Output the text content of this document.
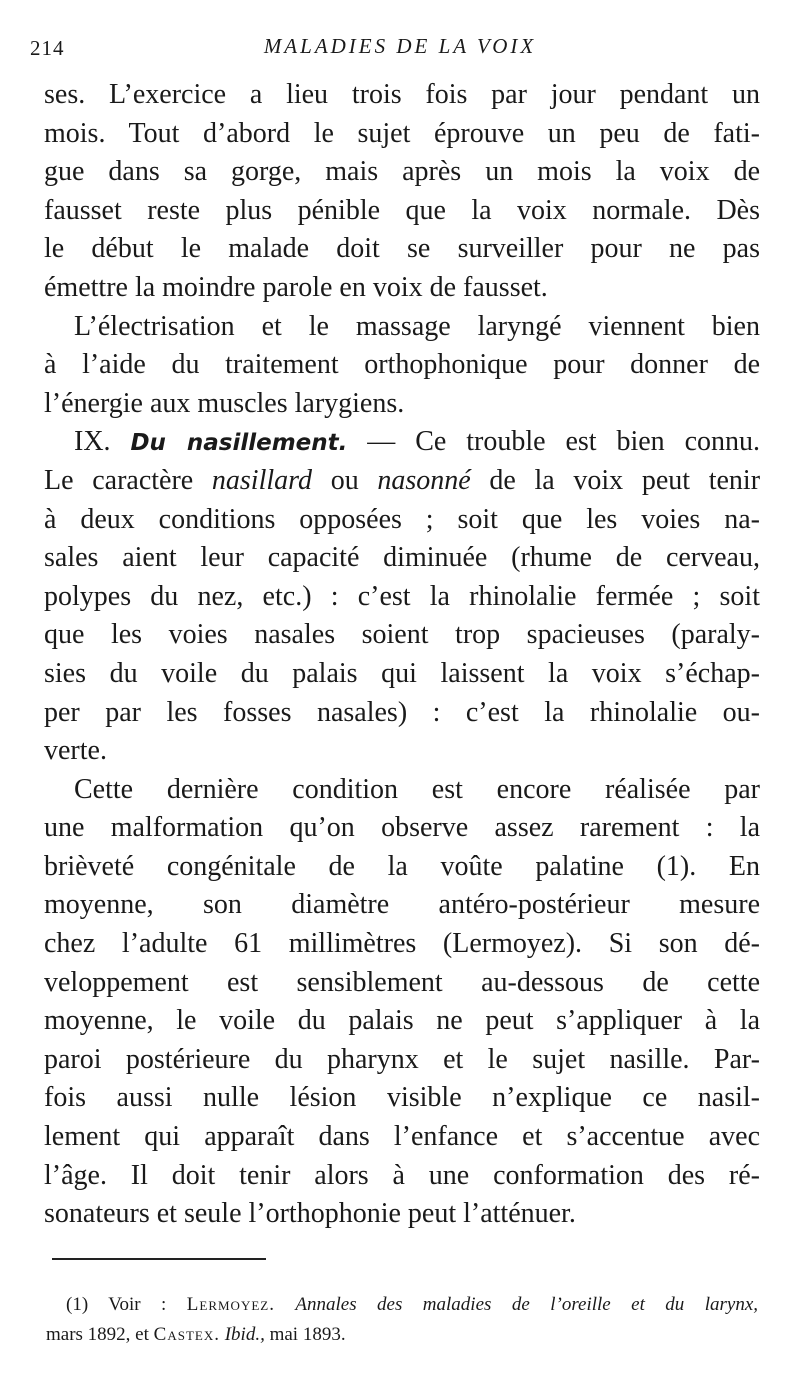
214	MALADIES DE LA VOIX
ses. L’exercice a lieu trois fois par jour pendant un
mois. Tout d’abord le sujet éprouve un peu de fati-
gue dans sa gorge, mais après un mois la voix de
fausset reste plus pénible que la voix normale. Dès
le début le malade doit se surveiller pour ne pas
émettre la moindre parole en voix de fausset.
L’électrisation et le massage laryngé viennent bien
à l’aide du traitement orthophonique pour donner de
l’énergie aux muscles larygiens.
IX. Du nasillement. — Ce trouble est bien connu.
Le caractère nasillard ou nasonné de la voix peut tenir
à deux conditions opposées ; soit que les voies na-
sales aient leur capacité diminuée (rhume de cerveau,
polypes du nez, etc.) : c’est la rhinolalie fermée ; soit
que les voies nasales soient trop spacieuses (paraly-
sies du voile du palais qui laissent la voix s’échap-
per par les fosses nasales) : c’est la rhinolalie ou-
verte.
Cette dernière condition est encore réalisée par
une malformation qu’on observe assez rarement : la
brièveté congénitale de la voûte palatine (1). En
moyenne, son diamètre antéro-postérieur mesure
chez l’adulte 61 millimètres (Lermoyez). Si son dé-
veloppement est sensiblement au-dessous de cette
moyenne, le voile du palais ne peut s’appliquer à la
paroi postérieure du pharynx et le sujet nasille. Par-
fois aussi nulle lésion visible n’explique ce nasil-
lement qui apparaît dans l’enfance et s’accentue avec
l’âge. Il doit tenir alors à une conformation des ré-
sonateurs et seule l’orthophonie peut l’atténuer.
(1) Voir : Lermoyez. Annales des maladies de l’oreille et du larynx,
mars 1892, et Castex. Ibid., mai 1893.
